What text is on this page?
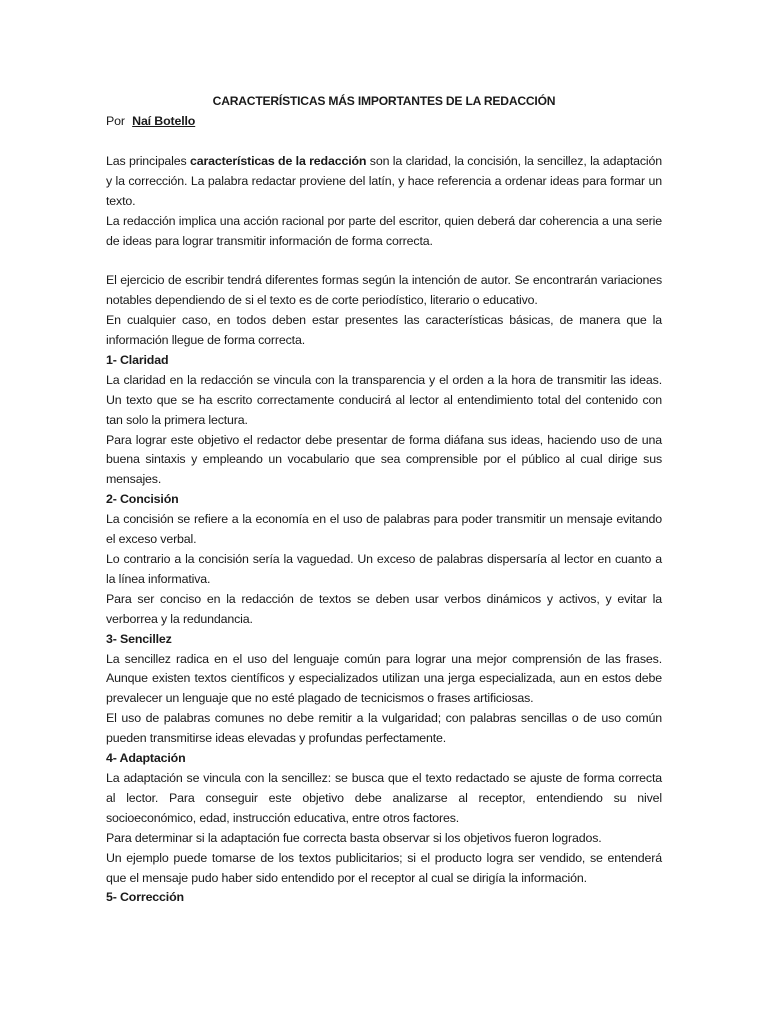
CARACTERÍSTICAS MÁS IMPORTANTES DE LA REDACCIÓN
Por Naí Botello

Las principales características de la redacción son la claridad, la concisión, la sencillez, la adaptación y la corrección. La palabra redactar proviene del latín, y hace referencia a ordenar ideas para formar un texto.

La redacción implica una acción racional por parte del escritor, quien deberá dar coherencia a una serie de ideas para lograr transmitir información de forma correcta.

El ejercicio de escribir tendrá diferentes formas según la intención de autor. Se encontrarán variaciones notables dependiendo de si el texto es de corte periodístico, literario o educativo.

En cualquier caso, en todos deben estar presentes las características básicas, de manera que la información llegue de forma correcta.

1- Claridad

La claridad en la redacción se vincula con la transparencia y el orden a la hora de transmitir las ideas. Un texto que se ha escrito correctamente conducirá al lector al entendimiento total del contenido con tan solo la primera lectura.

Para lograr este objetivo el redactor debe presentar de forma diáfana sus ideas, haciendo uso de una buena sintaxis y empleando un vocabulario que sea comprensible por el público al cual dirige sus mensajes.

2- Concisión

La concisión se refiere a la economía en el uso de palabras para poder transmitir un mensaje evitando el exceso verbal.

Lo contrario a la concisión sería la vaguedad. Un exceso de palabras dispersaría al lector en cuanto a la línea informativa.

Para ser conciso en la redacción de textos se deben usar verbos dinámicos y activos, y evitar la verborrea y la redundancia.

3- Sencillez

La sencillez radica en el uso del lenguaje común para lograr una mejor comprensión de las frases. Aunque existen textos científicos y especializados utilizan una jerga especializada, aun en estos debe prevalecer un lenguaje que no esté plagado de tecnicismos o frases artificiosas.

El uso de palabras comunes no debe remitir a la vulgaridad; con palabras sencillas o de uso común pueden transmitirse ideas elevadas y profundas perfectamente.

4- Adaptación

La adaptación se vincula con la sencillez: se busca que el texto redactado se ajuste de forma correcta al lector. Para conseguir este objetivo debe analizarse al receptor, entendiendo su nivel socioeconómico, edad, instrucción educativa, entre otros factores.

Para determinar si la adaptación fue correcta basta observar si los objetivos fueron logrados.

Un ejemplo puede tomarse de los textos publicitarios; si el producto logra ser vendido, se entenderá que el mensaje pudo haber sido entendido por el receptor al cual se dirigía la información.

5- Corrección
